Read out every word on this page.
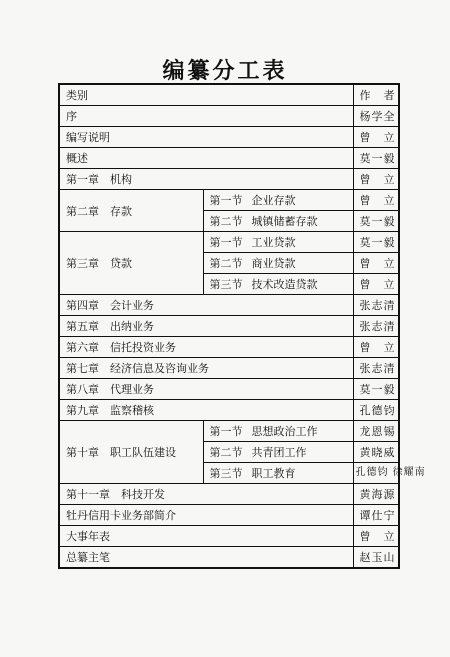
编纂分工表
类别		作　者
序		杨学全
编写说明		曾　立
概述		莫一毅
第一章　机构		曾　立
第二章　存款	第一节 企业存款	曾　立
	第二节 城镇储蓄存款	莫一毅
第三章　贷款	第一节 工业贷款	莫一毅
	第二节 商业贷款	曾　立
	第三节 技术改造贷款	曾　立
第四章　会计业务		张志清
第五章　出纳业务		张志清
第六章　信托投资业务		曾　立
第七章　经济信息及咨询业务		张志清
第八章　代理业务		莫一毅
第九章　监察稽核		孔德钧
第十章　职工队伍建设	第一节 思想政治工作	龙恩锡
	第二节 共青团工作	黄晓威
	第三节 职工教育	孔德钧 徐耀南
第十一章　科技开发		黄海源
牡丹信用卡业务部简介		谭仕宁
大事年表		曾　立
总纂主笔		赵玉山
